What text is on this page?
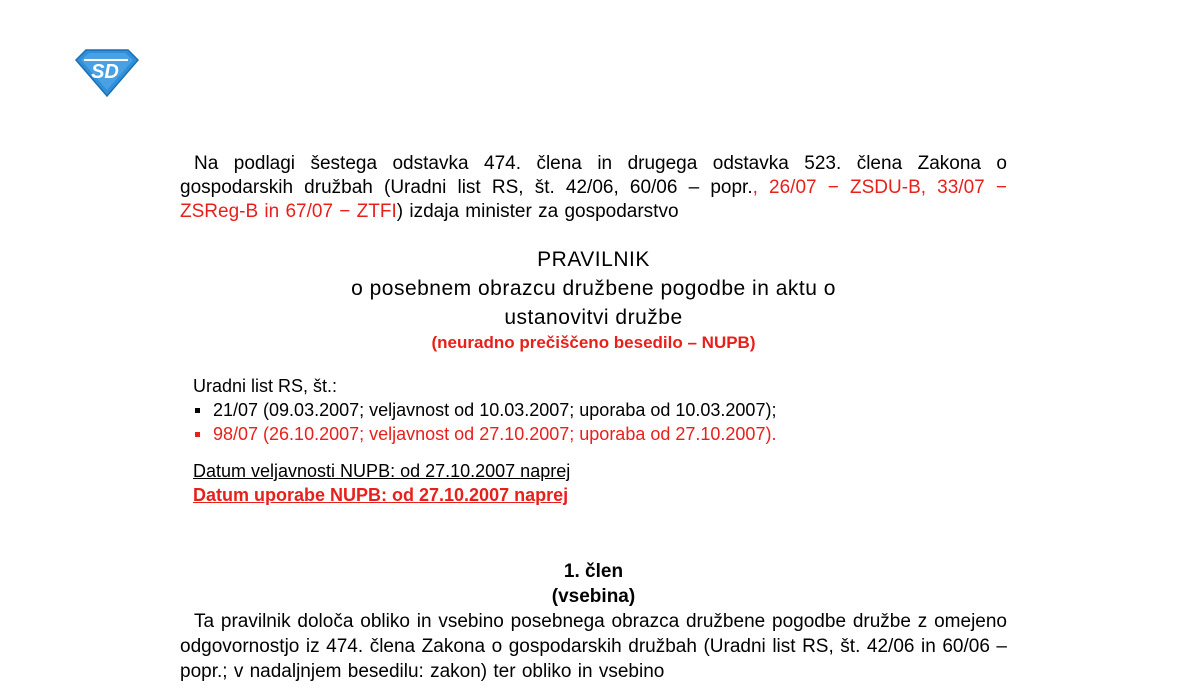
SD

Na podlagi šestega odstavka 474. člena in drugega odstavka 523. člena Zakona o gospodarskih družbah (Uradni list RS, št. 42/06, 60/06 – popr., 26/07 − ZSDU-B, 33/07 − ZSReg-B in 67/07 − ZTFI) izdaja minister za gospodarstvo

PRAVILNIK
o posebnem obrazcu družbene pogodbe in aktu o ustanovitvi družbe
(neuradno prečiščeno besedilo – NUPB)
Uradni list RS, št.:
21/07 (09.03.2007; veljavnost od 10.03.2007; uporaba od 10.03.2007);
98/07 (26.10.2007; veljavnost od 27.10.2007; uporaba od 27.10.2007).
Datum veljavnosti NUPB: od 27.10.2007 naprej
Datum uporabe NUPB: od 27.10.2007 naprej
1. člen
(vsebina)

Ta pravilnik določa obliko in vsebino posebnega obrazca družbene pogodbe družbe z omejeno odgovornostjo iz 474. člena Zakona o gospodarskih družbah (Uradni list RS, št. 42/06 in 60/06 – popr.; v nadaljnjem besedilu: zakon) ter obliko in vsebino
